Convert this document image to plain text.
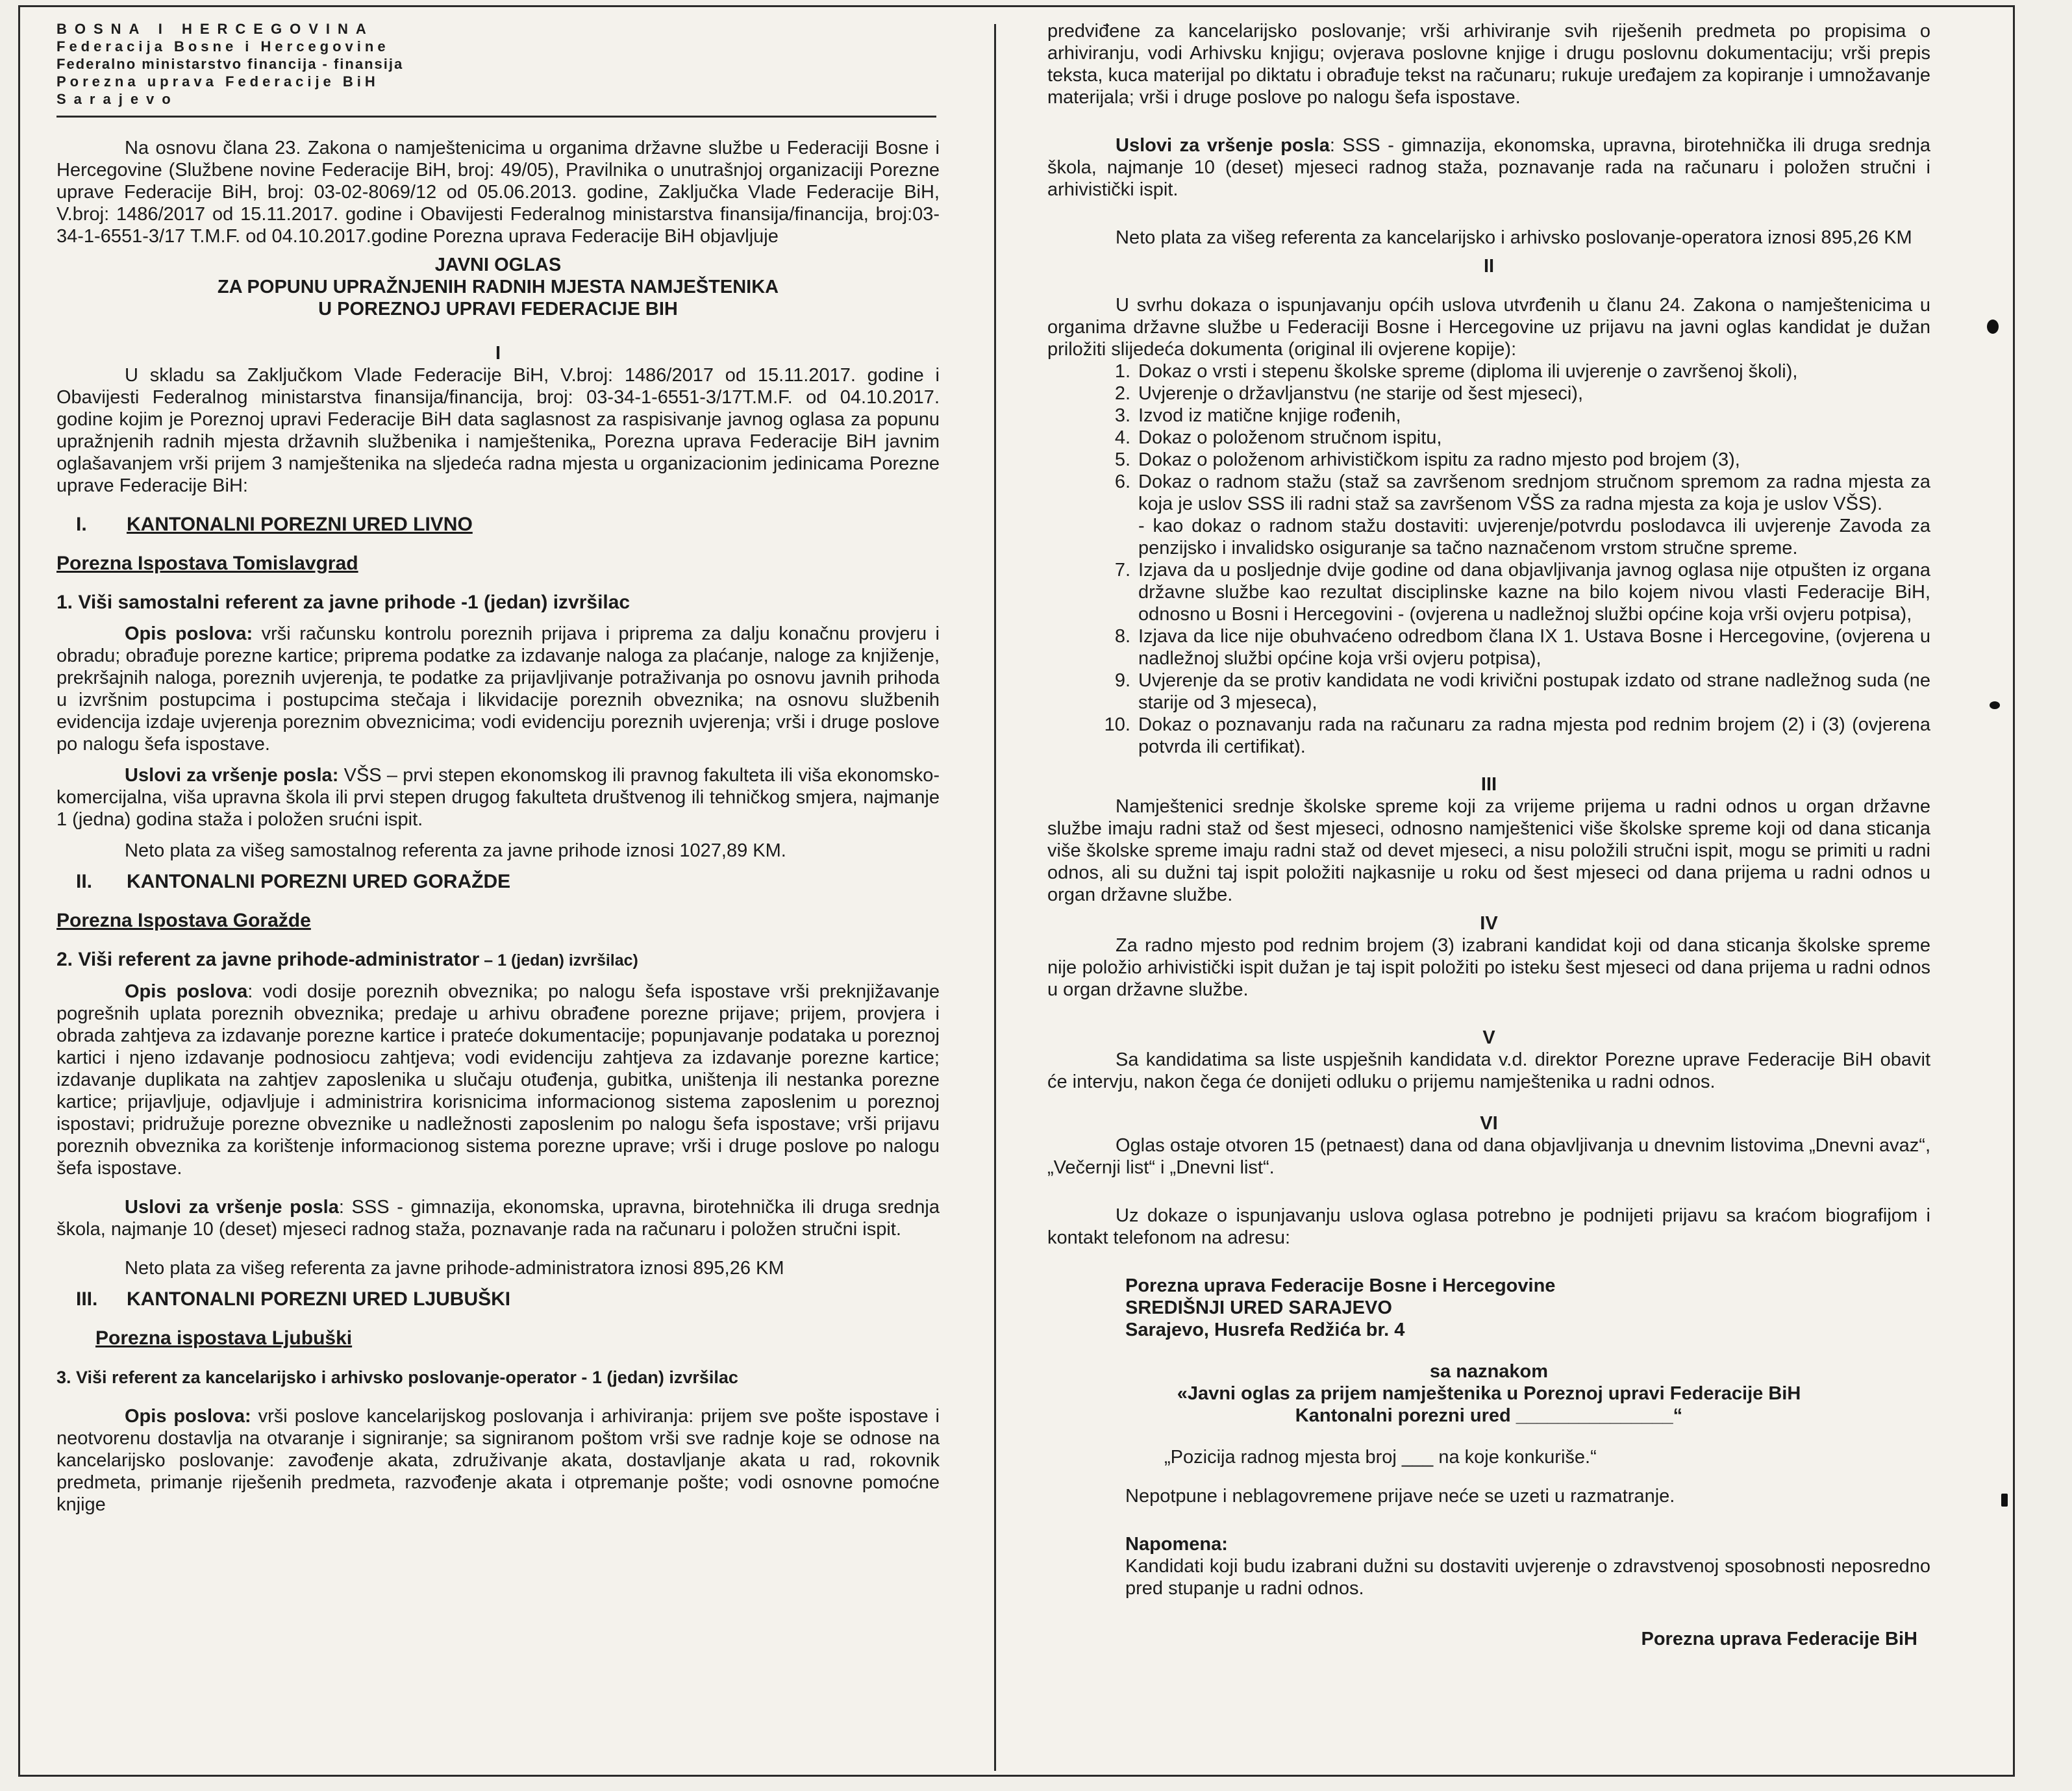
BOSNA I HERCEGOVINA
Federacija Bosne i Hercegovine
Federalno ministarstvo financija - finansija
Porezna uprava Federacije BiH
Sarajevo

Na osnovu člana 23. Zakona o namještenicima u organima državne službe u Federaciji Bosne i Hercegovine (Službene novine Federacije BiH, broj: 49/05), Pravilnika o unutrašnjoj organizaciji Porezne uprave Federacije BiH, broj: 03-02-8069/12 od 05.06.2013. godine, Zaključka Vlade Federacije BiH, V.broj: 1486/2017 od 15.11.2017. godine i Obavijesti Federalnog ministarstva finansija/financija, broj:03-34-1-6551-3/17 T.M.F. od 04.10.2017.godine Porezna uprava Federacije BiH objavljuje

JAVNI OGLAS
ZA POPUNU UPRAŽNJENIH RADNIH MJESTA NAMJEŠTENIKA
U POREZNOJ UPRAVI FEDERACIJE BIH
I

U skladu sa Zaključkom Vlade Federacije BiH, V.broj: 1486/2017 od 15.11.2017. godine i Obavijesti Federalnog ministarstva finansija/financija, broj: 03-34-1-6551-3/17T.M.F. od 04.10.2017. godine kojim je Poreznoj upravi Federacije BiH data saglasnost za raspisivanje javnog oglasa za popunu upražnjenih radnih mjesta državnih službenika i namještenika„ Porezna uprava Federacije BiH javnim oglašavanjem vrši prijem 3 namještenika na sljedeća radna mjesta u organizacionim jedinicama Porezne uprave Federacije BiH:

I.	KANTONALNI POREZNI URED LIVNO
Porezna Ispostava Tomislavgrad
1. Viši samostalni referent za javne prihode -1 (jedan) izvršilac

Opis poslova: vrši računsku kontrolu poreznih prijava i priprema za dalju konačnu provjeru i obradu; obrađuje porezne kartice; priprema podatke za izdavanje naloga za plaćanje, naloge za knjiženje, prekršajnih naloga, poreznih uvjerenja, te podatke za prijavljivanje potraživanja po osnovu javnih prihoda u izvršnim postupcima i postupcima stečaja i likvidacije poreznih obveznika; na osnovu službenih evidencija izdaje uvjerenja poreznim obveznicima; vodi evidenciju poreznih uvjerenja; vrši i druge poslove po nalogu šefa ispostave.

Uslovi za vršenje posla: VŠS – prvi stepen ekonomskog ili pravnog fakulteta ili viša ekonomsko-komercijalna, viša upravna škola ili prvi stepen drugog fakulteta društvenog ili tehničkog smjera, najmanje 1 (jedna) godina staža i položen srućni ispit.

Neto plata za višeg samostalnog referenta za javne prihode iznosi 1027,89 KM.

II.	KANTONALNI POREZNI URED GORAŽDE
Porezna Ispostava Goražde
2. Viši referent za javne prihode-administrator – 1 (jedan) izvršilac)

Opis poslova: vodi dosije poreznih obveznika; po nalogu šefa ispostave vrši preknjižavanje pogrešnih uplata poreznih obveznika; predaje u arhivu obrađene porezne prijave; prijem, provjera i obrada zahtjeva za izdavanje porezne kartice i prateće dokumentacije; popunjavanje podataka u poreznoj kartici i njeno izdavanje podnosiocu zahtjeva; vodi evidenciju zahtjeva za izdavanje porezne kartice; izdavanje duplikata na zahtjev zaposlenika u slučaju otuđenja, gubitka, uništenja ili nestanka porezne kartice; prijavljuje, odjavljuje i administrira korisnicima informacionog sistema zaposlenim u poreznoj ispostavi; pridružuje porezne obveznike u nadležnosti zaposlenim po nalogu šefa ispostave; vrši prijavu poreznih obveznika za korištenje informacionog sistema porezne uprave; vrši i druge poslove po nalogu šefa ispostave.

Uslovi za vršenje posla: SSS - gimnazija, ekonomska, upravna, birotehnička ili druga srednja škola, najmanje 10 (deset) mjeseci radnog staža, poznavanje rada na računaru i položen stručni ispit.

Neto plata za višeg referenta za javne prihode-administratora iznosi 895,26 KM

III.	KANTONALNI POREZNI URED LJUBUŠKI
Porezna ispostava Ljubuški
3. Viši referent za kancelarijsko i arhivsko poslovanje-operator - 1 (jedan) izvršilac

Opis poslova: vrši poslove kancelarijskog poslovanja i arhiviranja: prijem sve pošte ispostave i neotvorenu dostavlja na otvaranje i signiranje; sa signiranom poštom vrši sve radnje koje se odnose na kancelarijsko poslovanje: zavođenje akata, združivanje akata, dostavljanje akata u rad, rokovnik predmeta, primanje riješenih predmeta, razvođenje akata i otpremanje pošte; vodi osnovne pomoćne knjige

predviđene za kancelarijsko poslovanje; vrši arhiviranje svih riješenih predmeta po propisima o arhiviranju, vodi Arhivsku knjigu; ovjerava poslovne knjige i drugu poslovnu dokumentaciju; vrši prepis teksta, kuca materijal po diktatu i obrađuje tekst na računaru; rukuje uređajem za kopiranje i umnožavanje materijala; vrši i druge poslove po nalogu šefa ispostave.

Uslovi za vršenje posla: SSS - gimnazija, ekonomska, upravna, birotehnička ili druga srednja škola, najmanje 10 (deset) mjeseci radnog staža, poznavanje rada na računaru i položen stručni i arhivistički ispit.

Neto plata za višeg referenta za kancelarijsko i arhivsko poslovanje-operatora iznosi 895,26 KM

II

U svrhu dokaza o ispunjavanju općih uslova utvrđenih u članu 24. Zakona o namještenicima u organima državne službe u Federaciji Bosne i Hercegovine uz prijavu na javni oglas kandidat je dužan priložiti slijedeća dokumenta (original ili ovjerene kopije):

1. Dokaz o vrsti i stepenu školske spreme (diploma ili uvjerenje o završenoj školi),
2. Uvjerenje o državljanstvu (ne starije od šest mjeseci),
3. Izvod iz matične knjige rođenih,
4. Dokaz o položenom stručnom ispitu,
5. Dokaz o položenom arhivističkom ispitu za radno mjesto pod brojem (3),
6. Dokaz o radnom stažu (staž sa završenom srednjom stručnom spremom za radna mjesta za koja je uslov SSS ili radni staž sa završenom VŠS za radna mjesta za koja je uslov VŠS).
- kao dokaz o radnom stažu dostaviti: uvjerenje/potvrdu poslodavca ili uvjerenje Zavoda za penzijsko i invalidsko osiguranje sa tačno naznačenom vrstom stručne spreme.
7. Izjava da u posljednje dvije godine od dana objavljivanja javnog oglasa nije otpušten iz organa državne službe kao rezultat disciplinske kazne na bilo kojem nivou vlasti Federacije BiH, odnosno u Bosni i Hercegovini - (ovjerena u nadležnoj službi općine koja vrši ovjeru potpisa),
8. Izjava da lice nije obuhvaćeno odredbom člana IX 1. Ustava Bosne i Hercegovine, (ovjerena u nadležnoj službi općine koja vrši ovjeru potpisa),
9. Uvjerenje da se protiv kandidata ne vodi krivični postupak izdato od strane nadležnog suda (ne starije od 3 mjeseca),
10. Dokaz o poznavanju rada na računaru za radna mjesta pod rednim brojem (2) i (3) (ovjerena potvrda ili certifikat).
III

Namještenici srednje školske spreme koji za vrijeme prijema u radni odnos u organ državne službe imaju radni staž od šest mjeseci, odnosno namještenici više školske spreme koji od dana sticanja više školske spreme imaju radni staž od devet mjeseci, a nisu položili stručni ispit, mogu se primiti u radni odnos, ali su dužni taj ispit položiti najkasnije u roku od šest mjeseci od dana prijema u radni odnos u organ državne službe.

IV

Za radno mjesto pod rednim brojem (3) izabrani kandidat koji od dana sticanja školske spreme nije položio arhivistički ispit dužan je taj ispit položiti po isteku šest mjeseci od dana prijema u radni odnos u organ državne službe.

V

Sa kandidatima sa liste uspješnih kandidata v.d. direktor Porezne uprave Federacije BiH obavit će intervju, nakon čega će donijeti odluku o prijemu namještenika u radni odnos.

VI

Oglas ostaje otvoren 15 (petnaest) dana od dana objavljivanja u dnevnim listovima „Dnevni avaz“, „Večernji list“ i „Dnevni list“.

Uz dokaze o ispunjavanju uslova oglasa potrebno je podnijeti prijavu sa kraćom biografijom i kontakt telefonom na adresu:

Porezna uprava Federacije Bosne i Hercegovine
SREDIŠNJI URED SARAJEVO
Sarajevo, Husrefa Redžića br. 4
sa naznakom
«Javni oglas za prijem namještenika u Poreznoj upravi Federacije BiH
Kantonalni porezni ured _______________“
„Pozicija radnog mjesta broj ___ na koje konkuriše.“
Nepotpune i neblagovremene prijave neće se uzeti u razmatranje.
Napomena:

Kandidati koji budu izabrani dužni su dostaviti uvjerenje o zdravstvenoj sposobnosti neposredno pred stupanje u radni odnos.

Porezna uprava Federacije BiH
